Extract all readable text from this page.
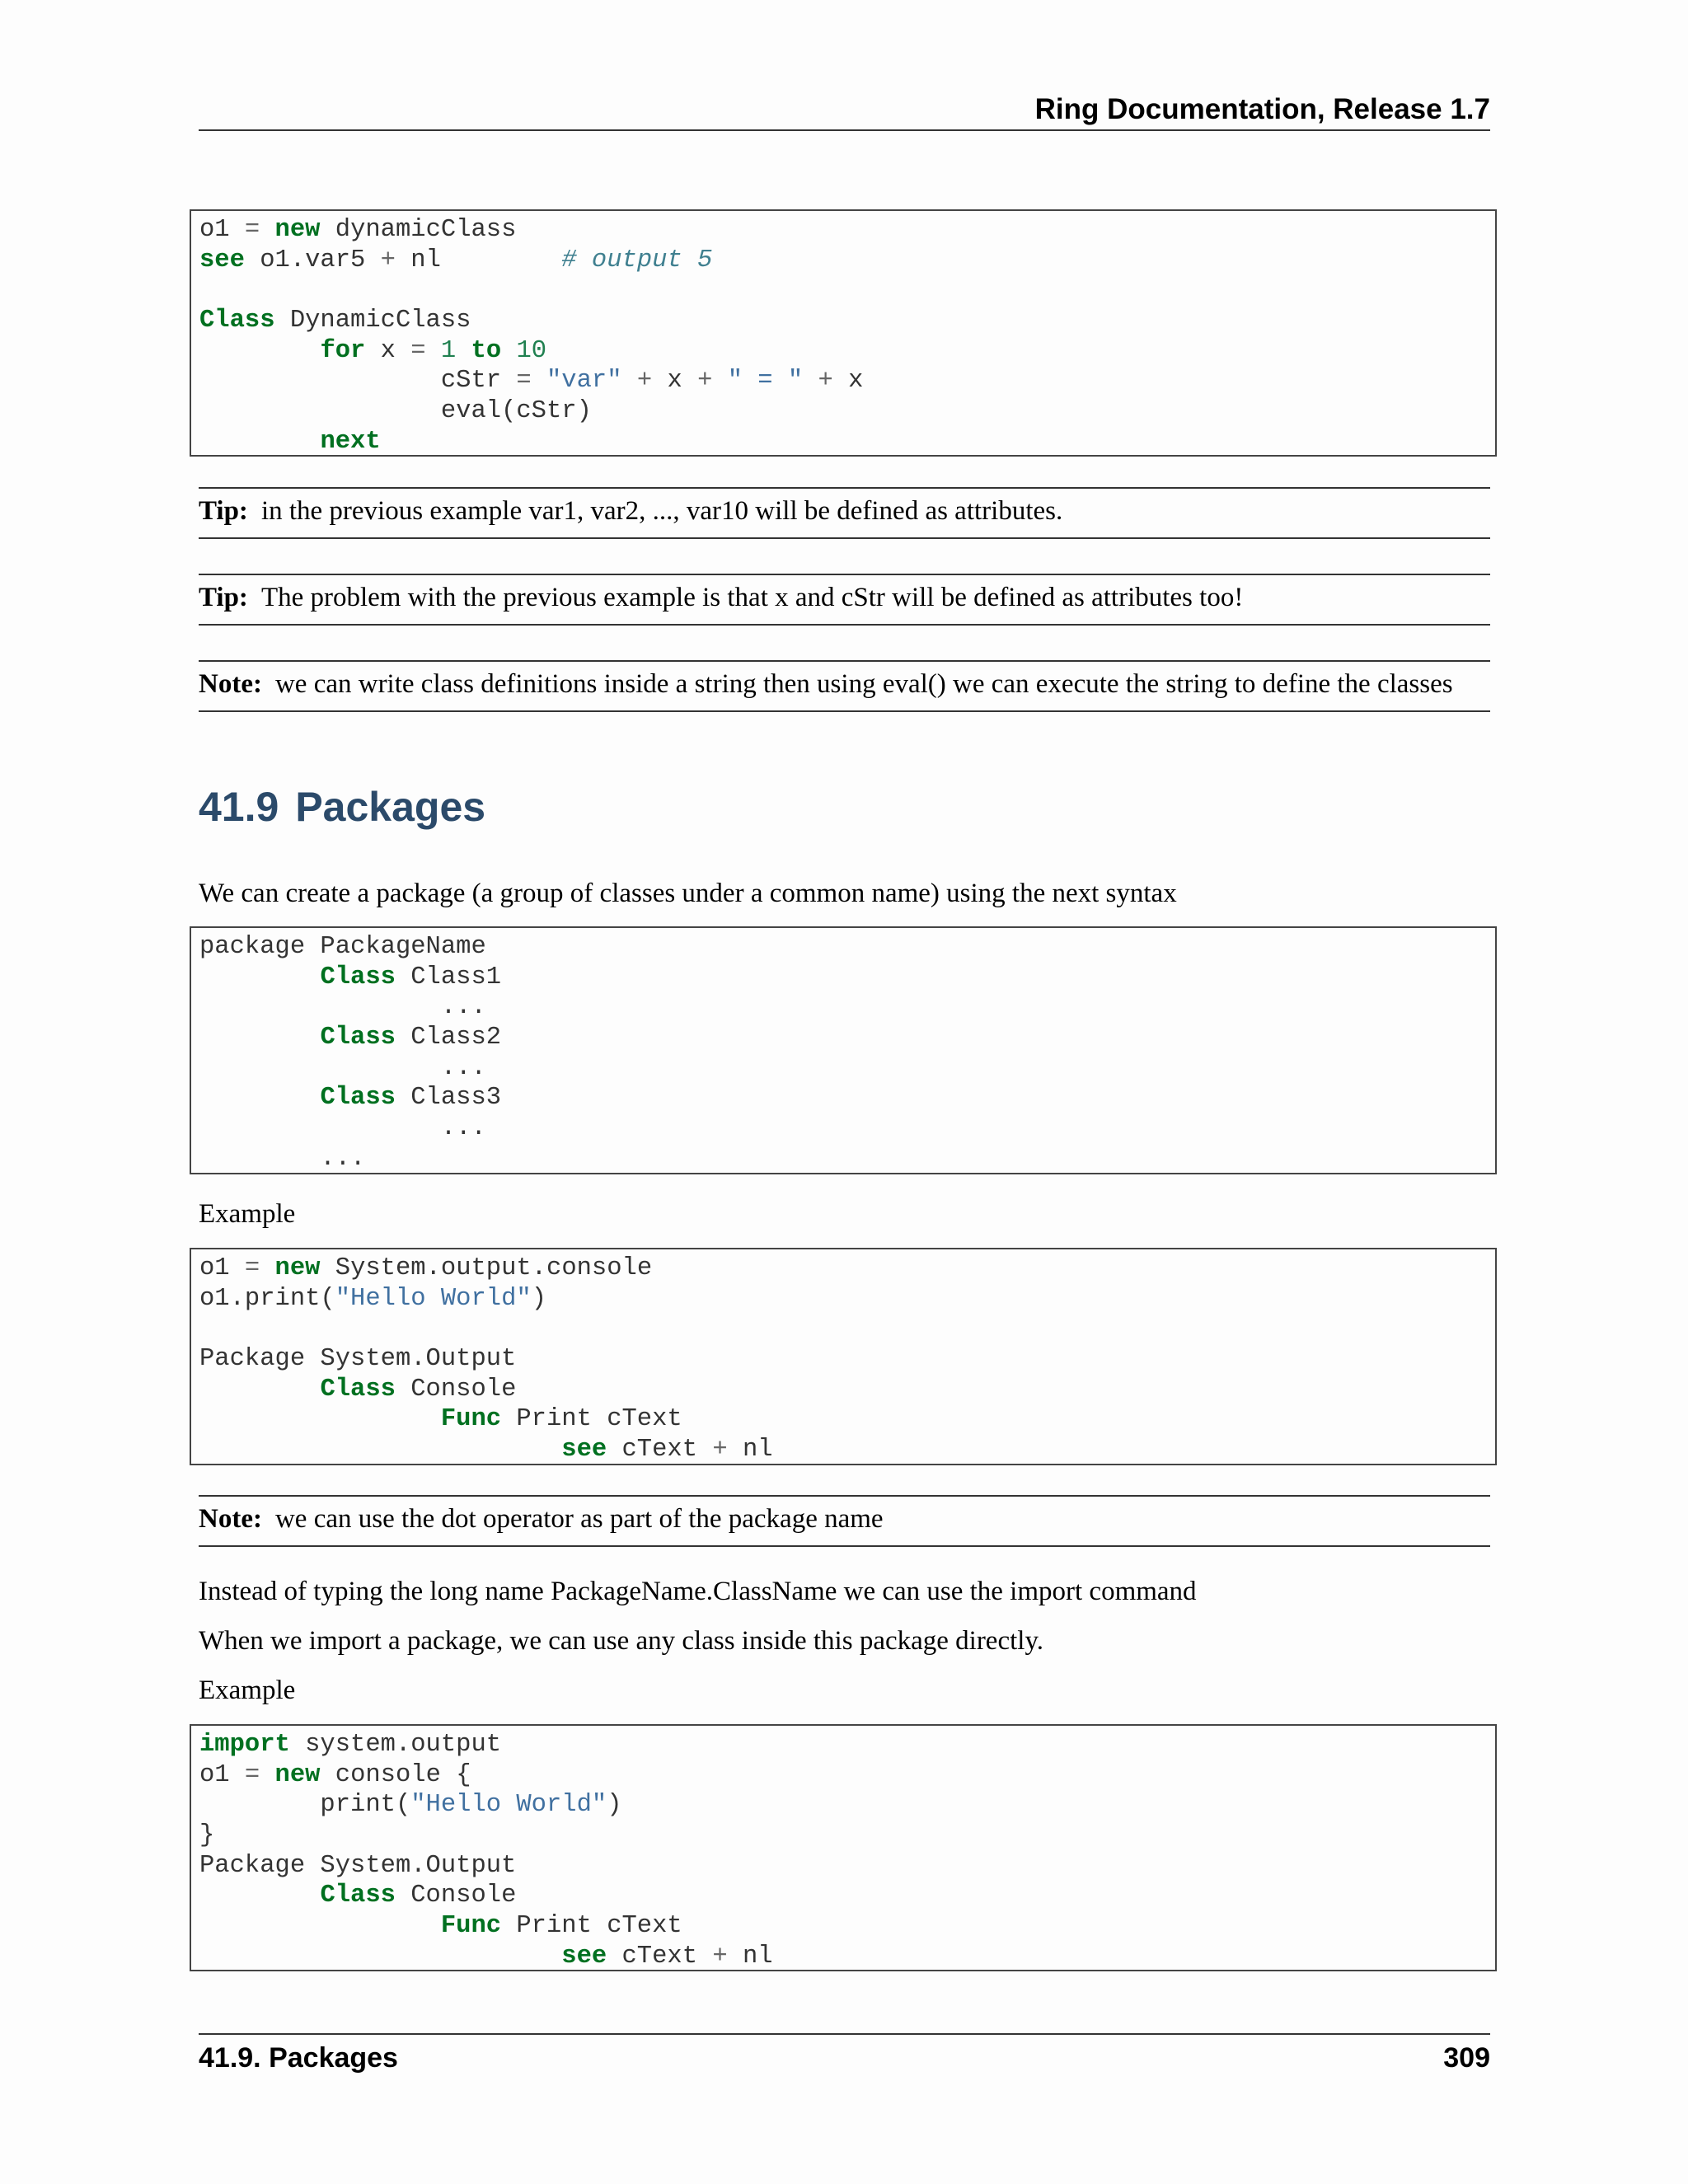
Ring Documentation, Release 1.7
o1 = new dynamicClass
see o1.var5 + nl        # output 5
Class DynamicClass
for x = 1 to 10
cStr = "var" + x + " = " + x
eval(cStr)
next
Tip: in the previous example var1, var2, ..., var10 will be defined as attributes.
Tip: The problem with the previous example is that x and cStr will be defined as attributes too!
Note: we can write class definitions inside a string then using eval() we can execute the string to define the classes
41.9 Packages
We can create a package (a group of classes under a common name) using the next syntax
package PackageName
Class Class1
...
Class Class2
...
Class Class3
...
...
Example
o1 = new System.output.console
o1.print("Hello World")
Package System.Output
Class Console
Func Print cText
see cText + nl
Note: we can use the dot operator as part of the package name
Instead of typing the long name PackageName.ClassName we can use the import command
When we import a package, we can use any class inside this package directly.
Example
import system.output
o1 = new console {
print("Hello World")
}
Package System.Output
Class Console
Func Print cText
see cText + nl
41.9. Packages	309
